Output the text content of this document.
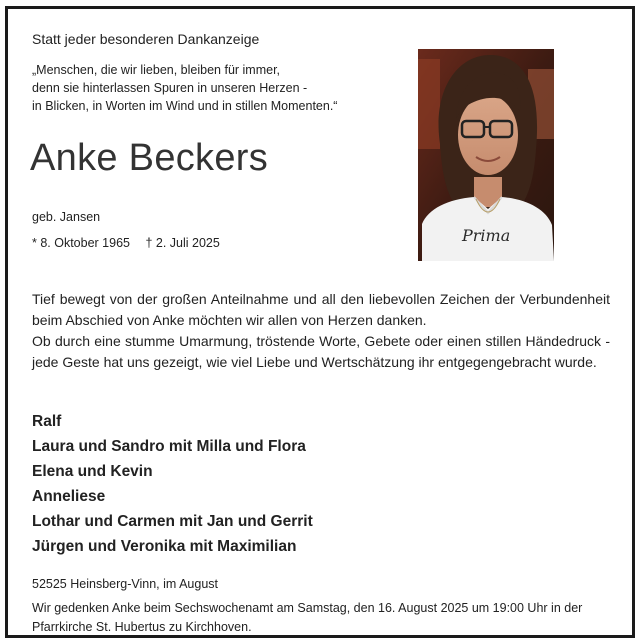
Statt jeder besonderen Dankanzeige
„Menschen, die wir lieben, bleiben für immer,
denn sie hinterlassen Spuren in unseren Herzen -
in Blicken, in Worten im Wind und in stillen Momenten.“
Anke Beckers
geb. Jansen
* 8. Oktober 1965 † 2. Juli 2025	Prima

Tief bewegt von der großen Anteilnahme und all den liebevollen Zeichen der Verbundenheit beim Abschied von Anke möchten wir allen von Herzen danken.

Ob durch eine stumme Umarmung, tröstende Worte, Gebete oder einen stillen Händedruck - jede Geste hat uns gezeigt, wie viel Liebe und Wertschätzung ihr entgegengebracht wurde.

Ralf
Laura und Sandro mit Milla und Flora
Elena und Kevin
Anneliese
Lothar und Carmen mit Jan und Gerrit
Jürgen und Veronika mit Maximilian
52525 Heinsberg-Vinn, im August
Wir gedenken Anke beim Sechswochenamt am Samstag, den 16. August 2025 um 19:00 Uhr in der Pfarrkirche St. Hubertus zu Kirchhoven.
